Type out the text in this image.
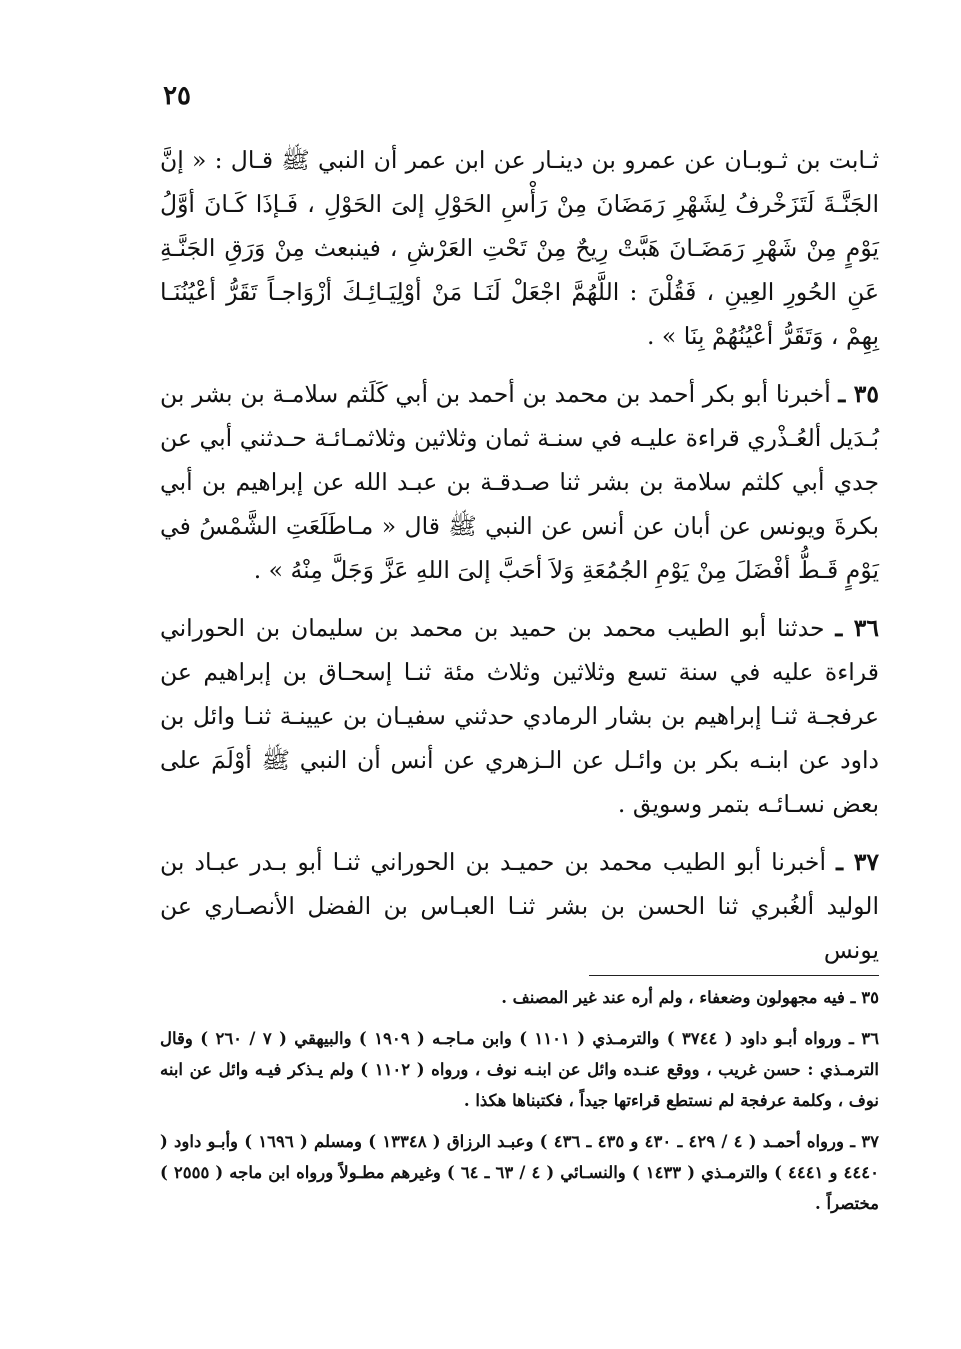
٢٥

ثـابت بن ثـوبـان عن عمرو بن دينـار عن ابن عمر أن النبي ﷺ قـال : « إنَّ الجَنَّـةَ لَتَزَخْرفُ لِشَهْرِ رَمَضَانَ مِنْ رَأْسِ الحَوْلِ إلىَ الحَوْلِ ، فَـإذَا كَـانَ أوَّلُ يَوْمٍ مِنْ شَهْرِ رَمَضَـانَ هَبَّتْ رِيحٌ مِنْ تَحْتِ العَرْشِ ، فينبعث مِنْ وَرَقِ الجَنَّـةِ عَنِ الحُورِ العِينِ ، فَقُلْنَ : اللَّهُمَّ اجْعَلْ لَنَـا مَنْ أوْلِيَـائِـكَ أزْوَاجـاً تَقَرُّ أعْيُنُنَـا بِهِمْ ، وَتَقَرُّ أعْيُنُهُمْ بِنَا » .

٣٥ ـ أخبرنا أبو بكر أحمد بن محمد بن أحمد بن أبي كَلَثم سلامـة بن بشر بن بُـدَيل ألعُـذْري قراءة عليـه في سنـة ثمان وثلاثين وثلاثمـائـة حـدثني أبي عن جدي أبي كلثم سلامة بن بشر ثنا صـدقـة بن عبـد الله عن إبراهيم بن أبي بكرةَ ويونس عن أبان عن أنس عن النبي ﷺ قال « مـاطَلَعَتِ الشَّمْسُ في يَوْمٍ قَـطُّ أفْضَلَ مِنْ يَوْمِ الجُمُعَةِ وَلاَ أحَبَّ إلىَ اللهِ عَزَّ وَجَلَّ مِنْهُ » .

٣٦ ـ حدثنا أبو الطيب محمد بن حميد بن محمد بن سليمان بن الحوراني قراءة عليه في سنة تسع وثلاثين وثلاث مئة ثنـا إسحـاق بن إبراهيم عن عرفجـة ثنـا إبراهيم بن بشار الرمادي حدثني سفيـان بن عيينـة ثنـا وائل بن داود عن ابنـه بكر بن وائـل عن الـزهري عن أنس أن النبي ﷺ أوْلَمَ على بعض نسـائـه بتمر وسويق .

٣٧ ـ أخبرنا أبو الطيب محمد بن حميـد بن الحوراني ثنـا أبو بـدر عبـاد بن الوليد ألغُبري ثنا الحسن بن بشر ثنـا العبـاس بن الفضل الأنصـاري عن يونس

٣٥ ـ فيه مجهولون وضعفاء ، ولم أره عند غير المصنف .

٣٦ ـ ورواه أبـو داود ( ٣٧٤٤ ) والترمـذي ( ١١٠١ ) وابن مـاجـه ( ١٩٠٩ ) والبيهقي ( ٧ / ٢٦٠ ) وقال الترمـذي : حسن غريب ، ووقع عنـده وائل عن ابنـه نوف ، ورواه ( ١١٠٢ ) ولم يـذكر فيـه وائل عن ابنه نوف ، وكلمة عرفجة لم نستطع قراءتها جيداً ، فكتبناها هكذا .

٣٧ ـ ورواه أحمـد ( ٤ / ٤٢٩ ـ ٤٣٠ و ٤٣٥ ـ ٤٣٦ ) وعبـد الرزاق ( ١٣٣٤٨ ) ومسلم ( ١٦٩٦ ) وأبـو داود ( ٤٤٤٠ و ٤٤٤١ ) والترمـذي ( ١٤٣٣ ) والنسـائي ( ٤ / ٦٣ ـ ٦٤ ) وغيرهم مطـولاً ورواه ابن ماجه ( ٢٥٥٥ ) مختصراً .
